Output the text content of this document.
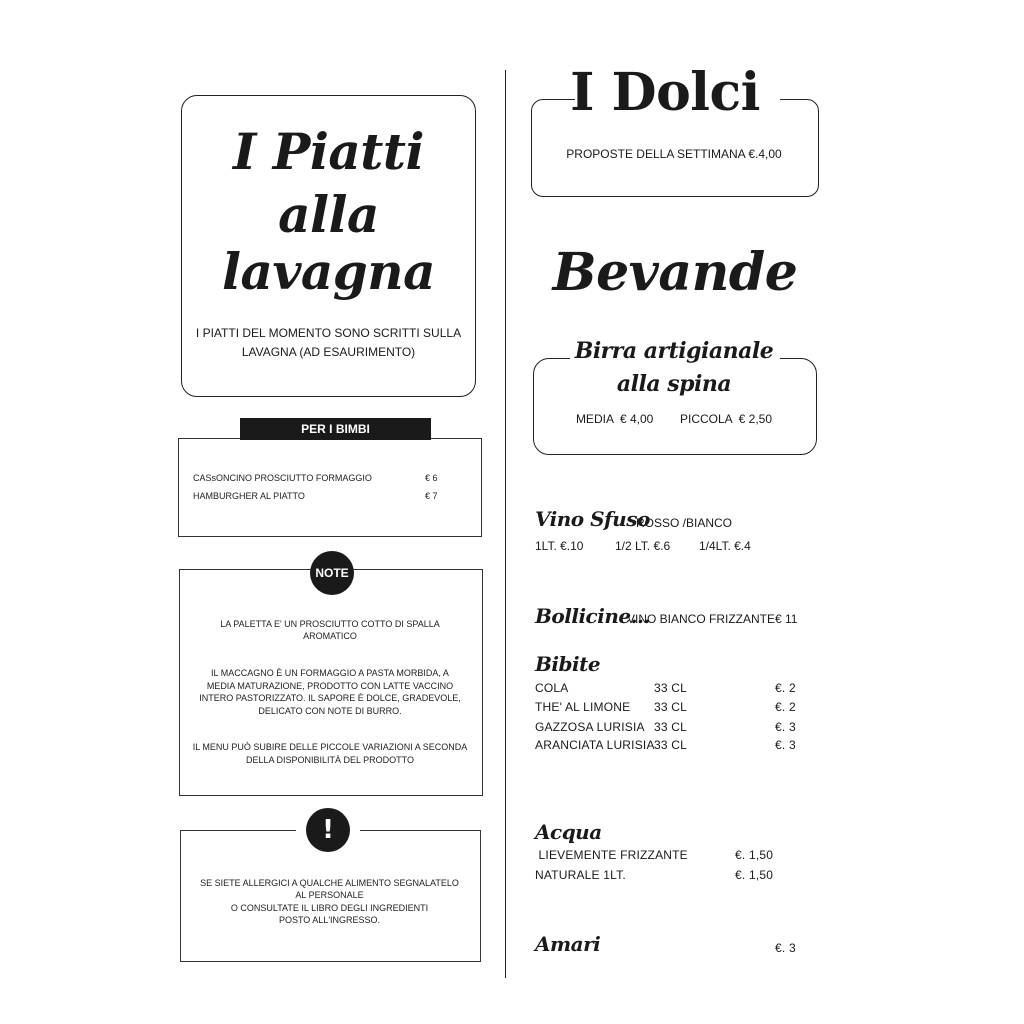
I Piatti
alla
lavagna
I PIATTI DEL MOMENTO SONO SCRITTI SULLA
LAVAGNA (AD ESAURIMENTO)
PER I BIMBI
CASsONCINO PROSCIUTTO FORMAGGIO	€ 6
HAMBURGHER AL PIATTO	€ 7
NOTE
LA PALETTA E' UN PROSCIUTTO COTTO DI SPALLA
AROMATICO
IL MACCAGNO È UN FORMAGGIO A PASTA MORBIDA, A
MEDIA MATURAZIONE, PRODOTTO CON LATTE VACCINO
INTERO PASTORIZZATO. IL SAPORE È DOLCE, GRADEVOLE,
DELICATO CON NOTE DI BURRO.
IL MENU PUÒ SUBIRE DELLE PICCOLE VARIAZIONI A SECONDA
DELLA DISPONIBILITÀ DEL PRODOTTO
!
SE SIETE ALLERGICI A QUALCHE ALIMENTO SEGNALATELO
AL PERSONALE
O CONSULTATE IL LIBRO DEGLI INGREDIENTI
POSTO ALL'INGRESSO.
I Dolci
PROPOSTE DELLA SETTIMANA €.4,00
Bevande
Birra artigianale
alla spina
MEDIA  € 4,00        PICCOLA  € 2,50
Vino Sfuso
ROSSO /BIANCO
1LT. €.10	1/2 LT. €.6 1/4LT. €.4
Bollicine...
VINO BIANCO FRIZZANTE € 11
Bibite
COLA	33 CL	€. 2
THE' AL LIMONE 33 CL	€. 2
GAZZOSA LURISIA 33 CL	€. 3
ARANCIATA LURISIA 33 CL	€. 3
Acqua
LIEVEMENTE FRIZZANTE	€. 1,50
NATURALE 1LT.	€. 1,50
Amari	€. 3
